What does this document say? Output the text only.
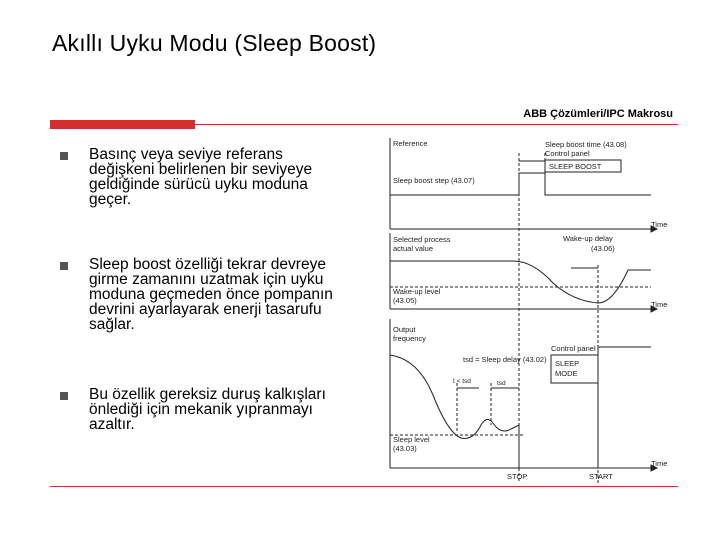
Akıllı Uyku Modu (Sleep Boost)
ABB Çözümleri/IPC Makrosu
Basınç veya seviye referans değişkeni belirlenen bir seviyeye geldiğinde sürücü uyku moduna geçer.
Sleep boost özelliği tekrar devreye girme zamanını uzatmak için uyku moduna geçmeden önce pompanın devrini ayarlayarak enerji tasarufu sağlar.
Bu özellik gereksiz duruş kalkışları önlediği için mekanik yıpranmayı azaltır.
Reference	Sleep boost time (43.08)
Control panel
SLEEP BOOST
Sleep boost step (43.07)
Time
Selected process
actual value
Wake-up delay
(43.06)
Wake-up level
(43.05)	Time
Output
frequency
Control panel
SLEEP
MODE
tsd = Sleep delay (43.02)
t < tsd	tsd
Sleep level
(43.03)
Time
STOP	START
